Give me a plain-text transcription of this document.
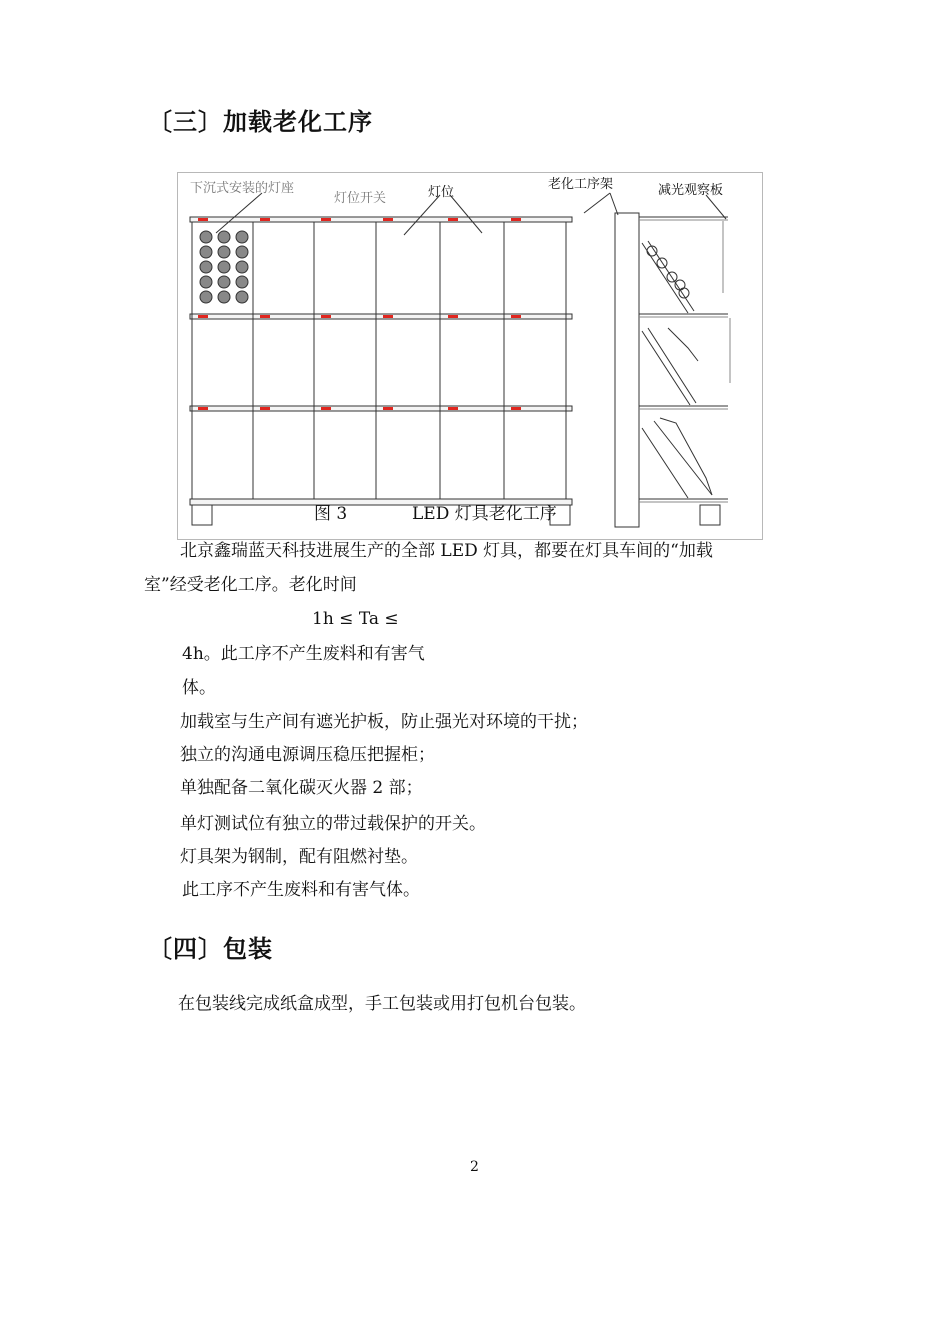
〔三〕加载老化工序
下沉式安装的灯座
灯位开关	灯位
老化工序架	减光观察板
图 3	LED 灯具老化工序
北京鑫瑞蓝天科技进展生产的全部 LED 灯具，都要在灯具车间的“加载
室”经受老化工序。老化时间
1h ≤ Ta ≤
4h。此工序不产生废料和有害气
体。
加载室与生产间有遮光护板，防止强光对环境的干扰；
独立的沟通电源调压稳压把握柜；
单独配备二氧化碳灭火器 2 部；
单灯测试位有独立的带过载保护的开关。
灯具架为钢制，配有阻燃衬垫。
此工序不产生废料和有害气体。
〔四〕包装
在包装线完成纸盒成型，手工包装或用打包机台包装。
2
